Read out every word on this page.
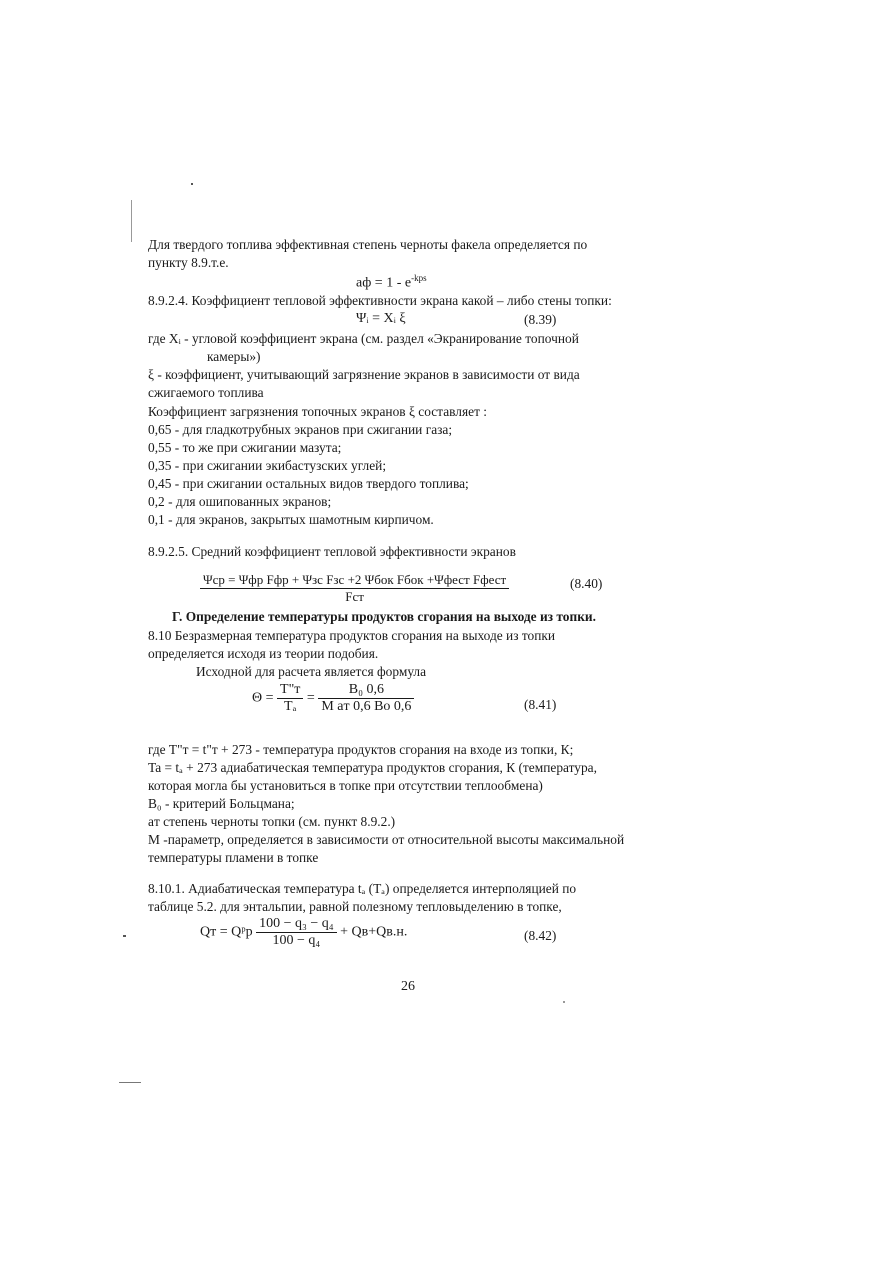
Для твердого топлива эффективная степень черноты факела определяется по
пункту 8.9.т.е.
aф = $1 - e^{-kps}$
8.9.2.4. Коэффициент тепловой эффективности экрана какой – либо стены топки:
Ψᵢ = Xᵢ ξ	(8.39)
где Xᵢ - угловой коэффициент экрана (см. раздел «Экранирование топочной
камеры»)
ξ - коэффициент, учитывающий загрязнение экранов в зависимости от вида
сжигаемого топлива
Коэффициент загрязнения топочных экранов ξ составляет :
0,65 - для гладкотрубных экранов при сжигании газа;
0,55 - то же при сжигании мазута;
0,35 - при сжигании экибастузских углей;
0,45 - при сжигании остальных видов твердого топлива;
0,2 - для ошипованных экранов;
0,1 - для экранов, закрытых шамотным кирпичом.
8.9.2.5. Средний коэффициент тепловой эффективности экранов
$\frac{\text{Ψср = Ψфр Fфр + Ψзс Fзс +2 Ψбок Fбок +Ψфест Fфест}}{\text{Fст}}$	(8.40)
Г. Определение температуры продуктов сгорания на выходе из топки.
8.10 Безразмерная температура продуктов сгорания на выходе из топки
определяется исходя из теории подобия.
Исходной для расчета является формула
$\Theta = \frac{T"т}{\text{Tₐ}} = \frac{\text{B₀ 0,6}}{\text{M aт 0,6 Bo 0,6}}$	(8.41)
где T"т = t"т + 273 - температура продуктов сгорания на входе из топки, К;
Ta = tₐ + 273 адиабатическая температура продуктов сгорания, К (температура,
которая могла бы установиться в топке при отсутствии теплообмена)
B₀ - критерий Больцмана;
aт степень черноты топки (см. пункт 8.9.2.)
М -параметр, определяется в зависимости от относительной высоты максимальной
температуры пламени в топке
8.10.1. Адиабатическая температура tₐ (Tₐ) определяется интерполяцией по
таблице 5.2. для энтальпии, равной полезному тепловыделению в топке,
Qт = Qᵖр $\frac{\text{100 − q₃ − q₄}}{\text{100 − q₄}} + Qв+Qв.н$.	(8.42)
26
